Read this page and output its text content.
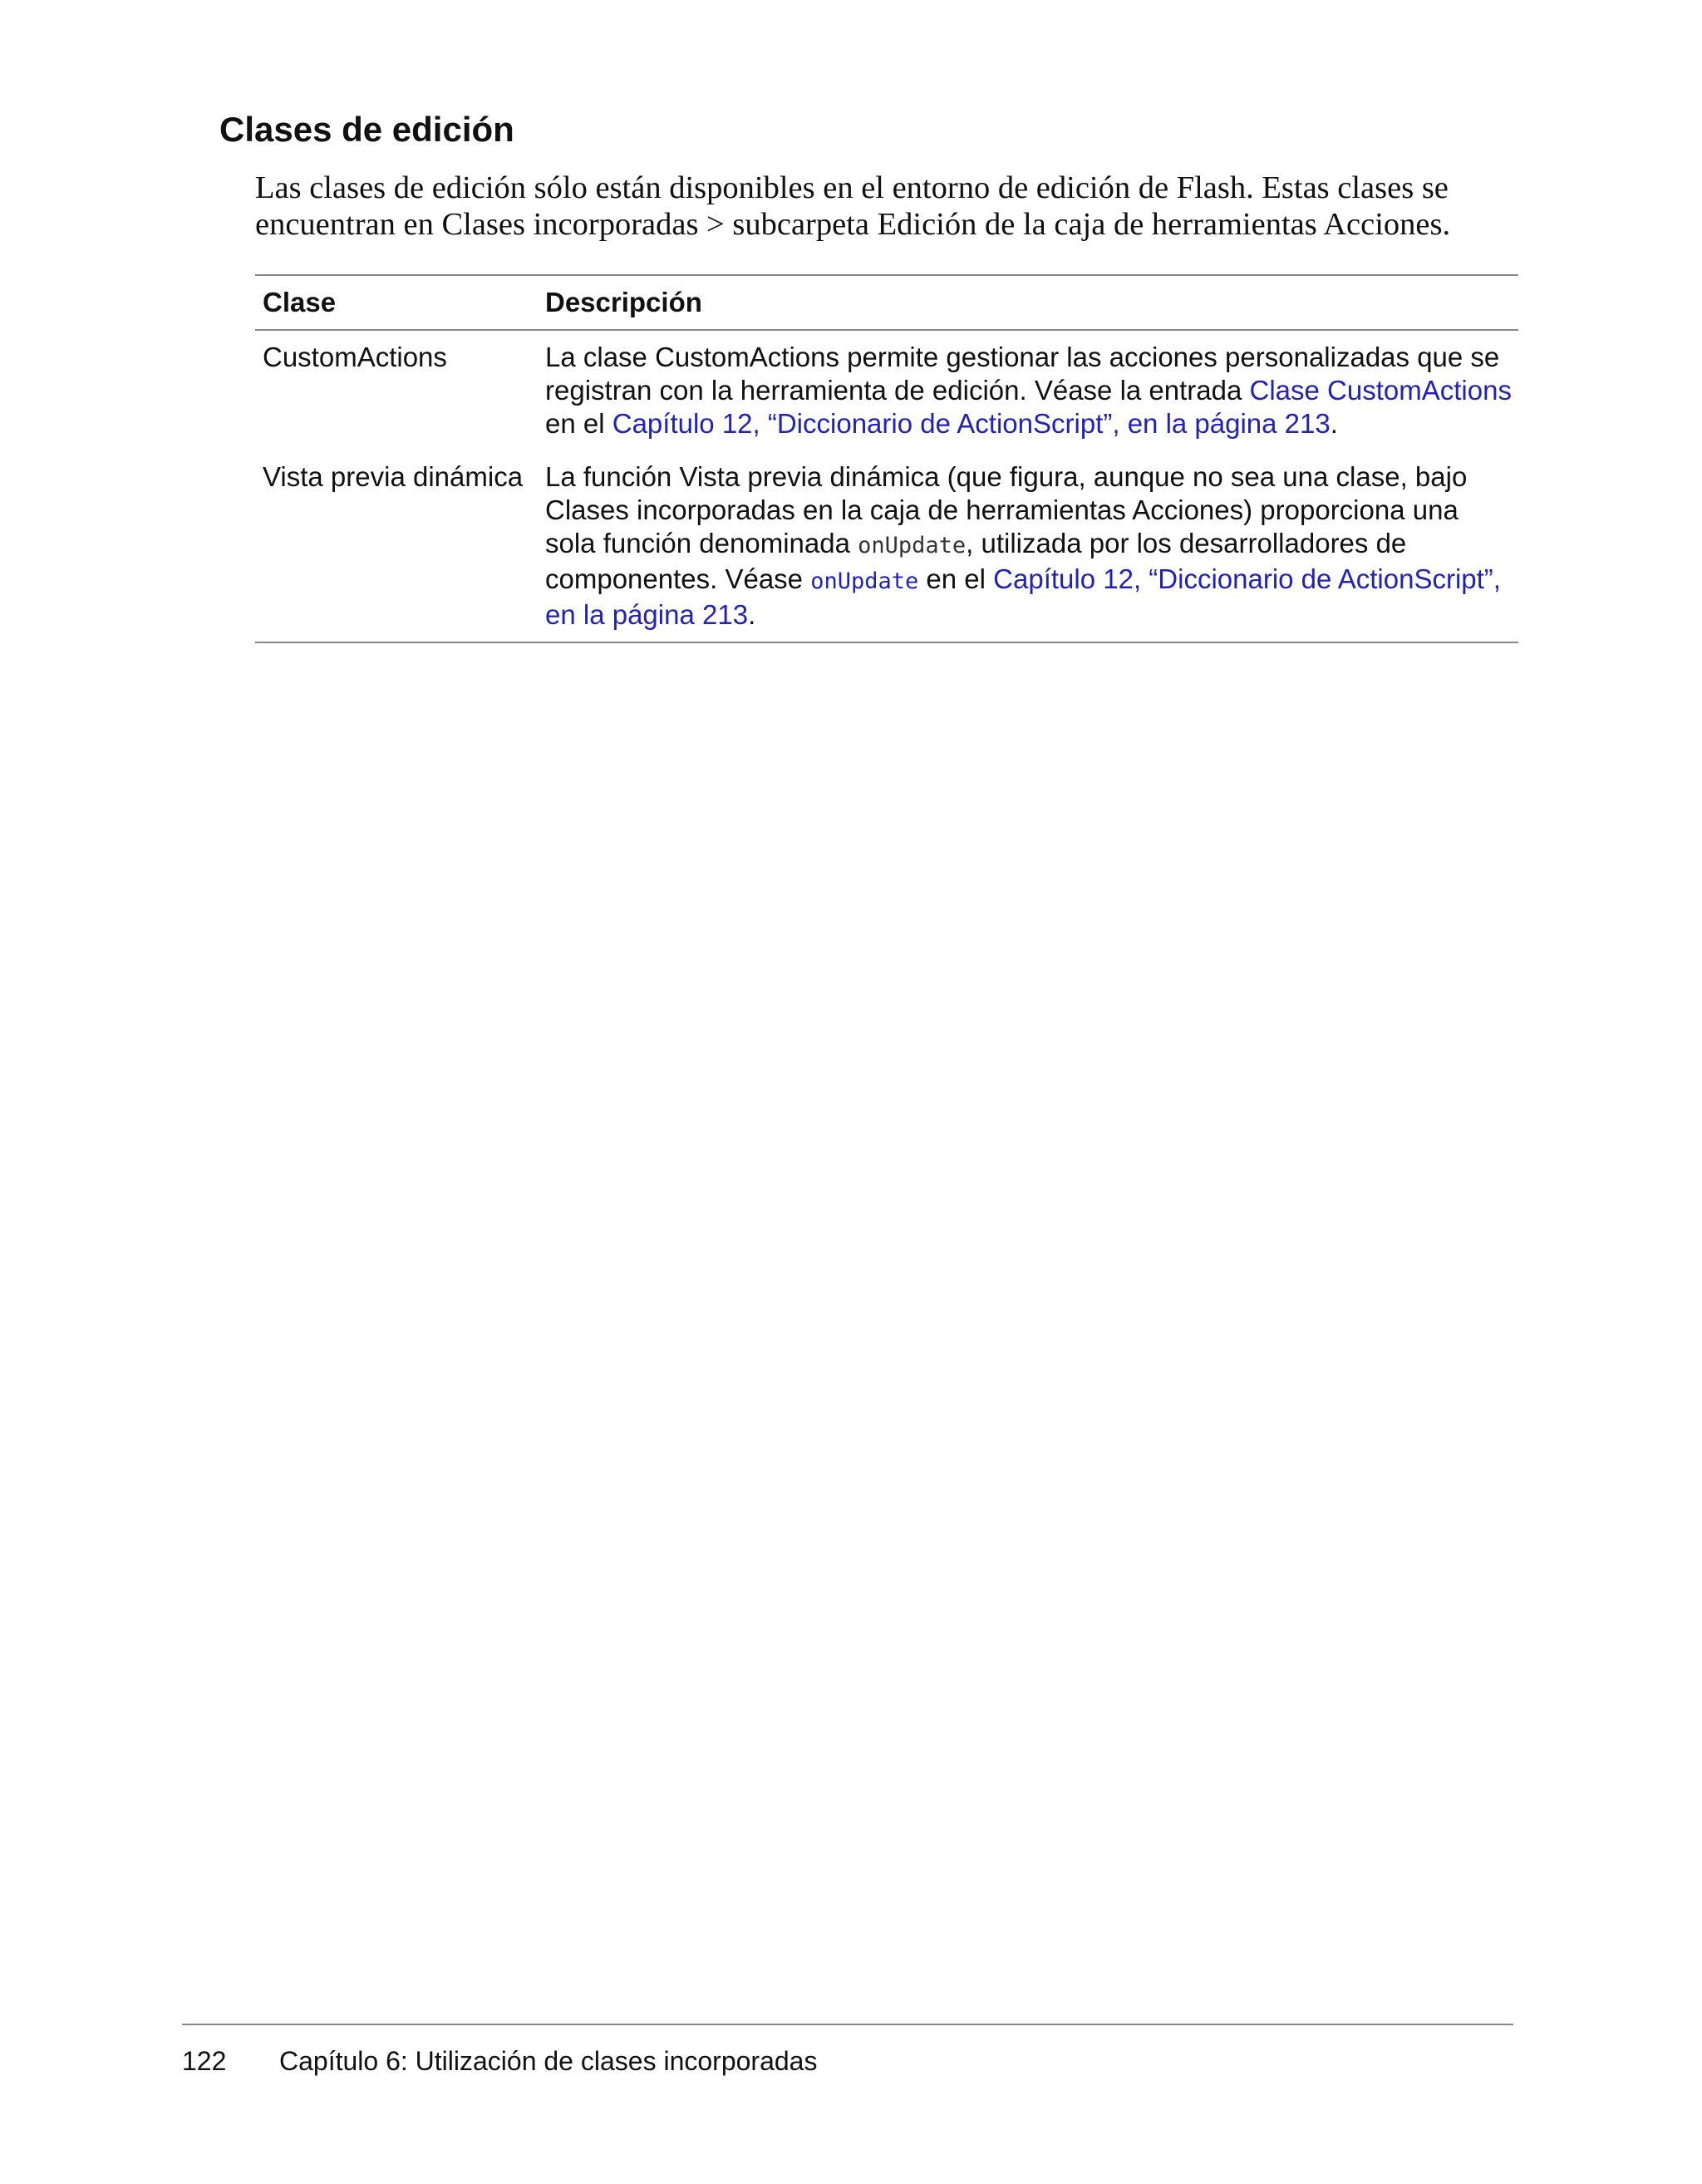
Clases de edición

Las clases de edición sólo están disponibles en el entorno de edición de Flash. Estas clases se encuentran en Clases incorporadas > subcarpeta Edición de la caja de herramientas Acciones.

Clase	Descripción
CustomActions	La clase CustomActions permite gestionar las acciones personalizadas que se registran con la herramienta de edición. Véase la entrada Clase CustomActions en el Capítulo 12, “Diccionario de ActionScript”, en la página 213.
Vista previa dinámica	La función Vista previa dinámica (que figura, aunque no sea una clase, bajo Clases incorporadas en la caja de herramientas Acciones) proporciona una sola función denominada onUpdate, utilizada por los desarrolladores de componentes. Véase onUpdate en el Capítulo 12, “Diccionario de ActionScript”, en la página 213.
122 Capítulo 6: Utilización de clases incorporadas
